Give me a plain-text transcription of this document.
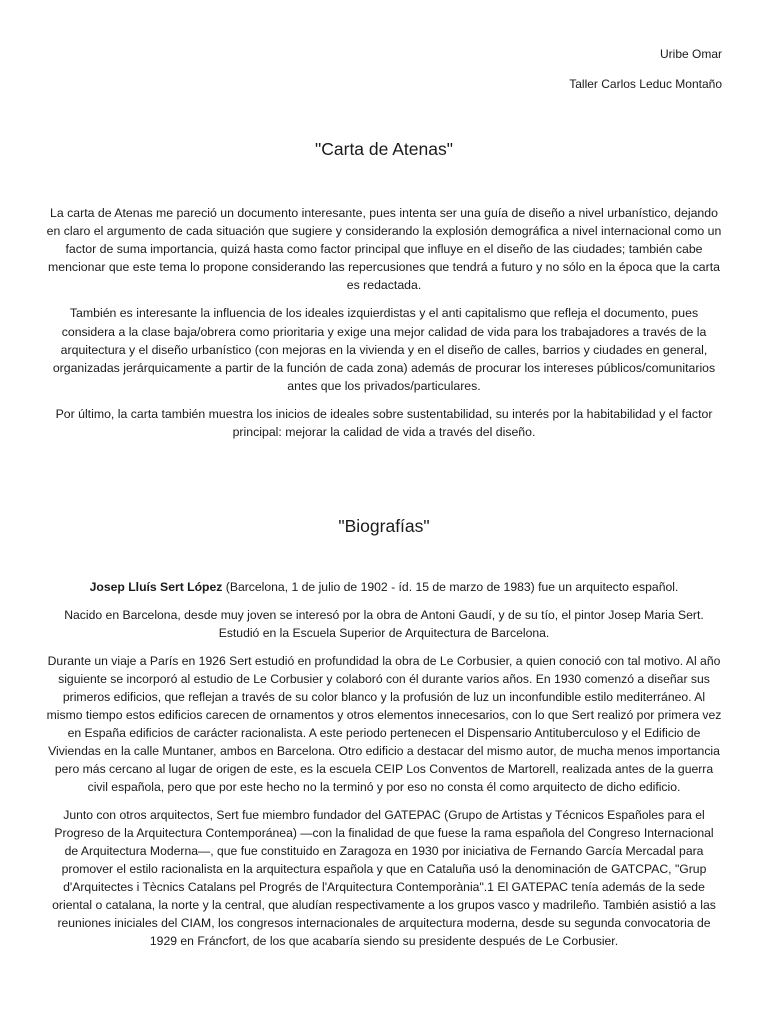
Uribe Omar
Taller Carlos Leduc Montaño
"Carta de Atenas"

La carta de Atenas me pareció un documento interesante, pues intenta ser una guía de diseño a nivel urbanístico, dejando en claro el argumento de cada situación que sugiere y considerando la explosión demográfica a nivel internacional como un factor de suma importancia, quizá hasta como factor principal que influye en el diseño de las ciudades; también cabe mencionar que este tema lo propone considerando las repercusiones que tendrá a futuro y no sólo en la época que la carta es redactada.

También es interesante la influencia de los ideales izquierdistas y el anti capitalismo que refleja el documento, pues considera a la clase baja/obrera como prioritaria y exige una mejor calidad de vida para los trabajadores a través de la arquitectura y el diseño urbanístico (con mejoras en la vivienda y en el diseño de calles, barrios y ciudades en general, organizadas jerárquicamente a partir de la función de cada zona) además de procurar los intereses públicos/comunitarios antes que los privados/particulares.

Por último, la carta también muestra los inicios de ideales sobre sustentabilidad, su interés por la habitabilidad y el factor principal: mejorar la calidad de vida a través del diseño.

"Biografías"

Josep Lluís Sert López (Barcelona, 1 de julio de 1902 - íd. 15 de marzo de 1983) fue un arquitecto español.

Nacido en Barcelona, desde muy joven se interesó por la obra de Antoni Gaudí, y de su tío, el pintor Josep Maria Sert. Estudió en la Escuela Superior de Arquitectura de Barcelona.

Durante un viaje a París en 1926 Sert estudió en profundidad la obra de Le Corbusier, a quien conoció con tal motivo. Al año siguiente se incorporó al estudio de Le Corbusier y colaboró con él durante varios años. En 1930 comenzó a diseñar sus primeros edificios, que reflejan a través de su color blanco y la profusión de luz un inconfundible estilo mediterráneo. Al mismo tiempo estos edificios carecen de ornamentos y otros elementos innecesarios, con lo que Sert realizó por primera vez en España edificios de carácter racionalista. A este periodo pertenecen el Dispensario Antituberculoso y el Edificio de Viviendas en la calle Muntaner, ambos en Barcelona. Otro edificio a destacar del mismo autor, de mucha menos importancia pero más cercano al lugar de origen de este, es la escuela CEIP Los Conventos de Martorell, realizada antes de la guerra civil española, pero que por este hecho no la terminó y por eso no consta él como arquitecto de dicho edificio.

Junto con otros arquitectos, Sert fue miembro fundador del GATEPAC (Grupo de Artistas y Técnicos Españoles para el Progreso de la Arquitectura Contemporánea) —con la finalidad de que fuese la rama española del Congreso Internacional de Arquitectura Moderna—, que fue constituido en Zaragoza en 1930 por iniciativa de Fernando García Mercadal para promover el estilo racionalista en la arquitectura española y que en Cataluña usó la denominación de GATCPAC, "Grup d'Arquitectes i Tècnics Catalans pel Progrés de l'Arquitectura Contemporània".1 El GATEPAC tenía además de la sede oriental o catalana, la norte y la central, que aludían respectivamente a los grupos vasco y madrileño. También asistió a las reuniones iniciales del CIAM, los congresos internacionales de arquitectura moderna, desde su segunda convocatoria de 1929 en Fráncfort, de los que acabaría siendo su presidente después de Le Corbusier.
